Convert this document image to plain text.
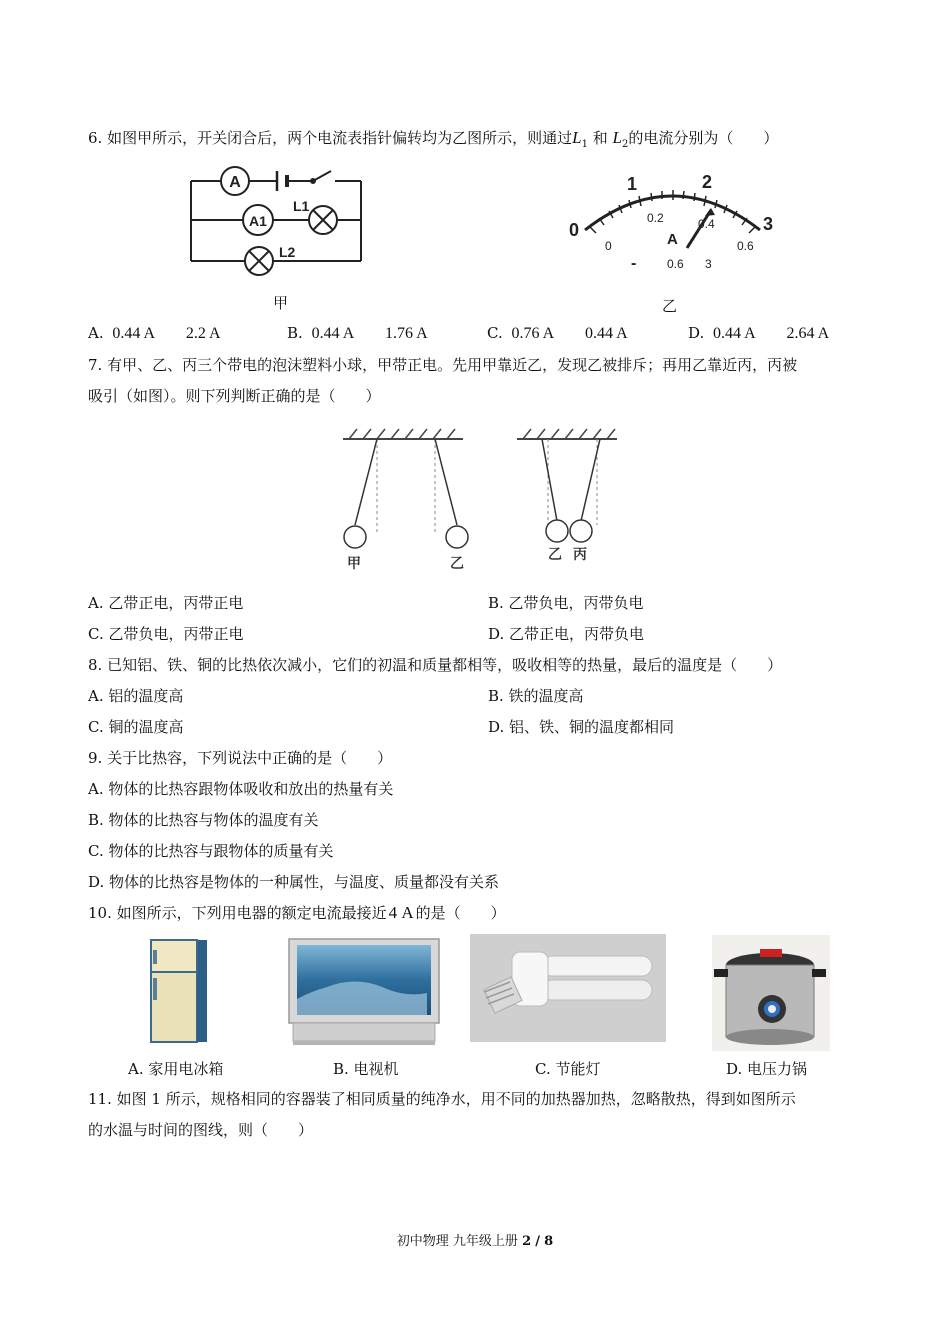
6. 如图甲所示，开关闭合后，两个电流表指针偏转均为乙图所示，则通过$L_1$ 和 $L_2$的电流分别为（　　）
A
A1
L1
L2
甲
0
1	2
3
0
0.2	0.4
0.6
A
-	0.6 3
乙
A. 0.44 A 2.2 A	B. 0.44 A 1.76 A	C. 0.76 A 0.44 A	D. 0.44 A 2.64 A
7. 有甲、乙、丙三个带电的泡沫塑料小球，甲带正电。先用甲靠近乙，发现乙被排斥；再用乙靠近丙，丙被
吸引（如图）。则下列判断正确的是（　　）
甲	乙
乙 丙
A. 乙带正电，丙带正电	B. 乙带负电，丙带负电
C. 乙带负电，丙带正电	D. 乙带正电，丙带负电
8. 已知铝、铁、铜的比热依次减小，它们的初温和质量都相等，吸收相等的热量，最后的温度是（　　）
A. 铝的温度高	B. 铁的温度高
C. 铜的温度高	D. 铝、铁、铜的温度都相同
9. 关于比热容，下列说法中正确的是（　　）
A. 物体的比热容跟物体吸收和放出的热量有关
B. 物体的比热容与物体的温度有关
C. 物体的比热容与跟物体的质量有关
D. 物体的比热容是物体的一种属性，与温度、质量都没有关系
10. 如图所示，下列用电器的额定电流最接近 4 A 的是（　　）
A. 家用电冰箱	B. 电视机	C. 节能灯	D. 电压力锅
11. 如图 1 所示，规格相同的容器装了相同质量的纯净水，用不同的加热器加热，忽略散热，得到如图所示
的水温与时间的图线，则（　　）
初中物理 九年级上册 2 / 8
